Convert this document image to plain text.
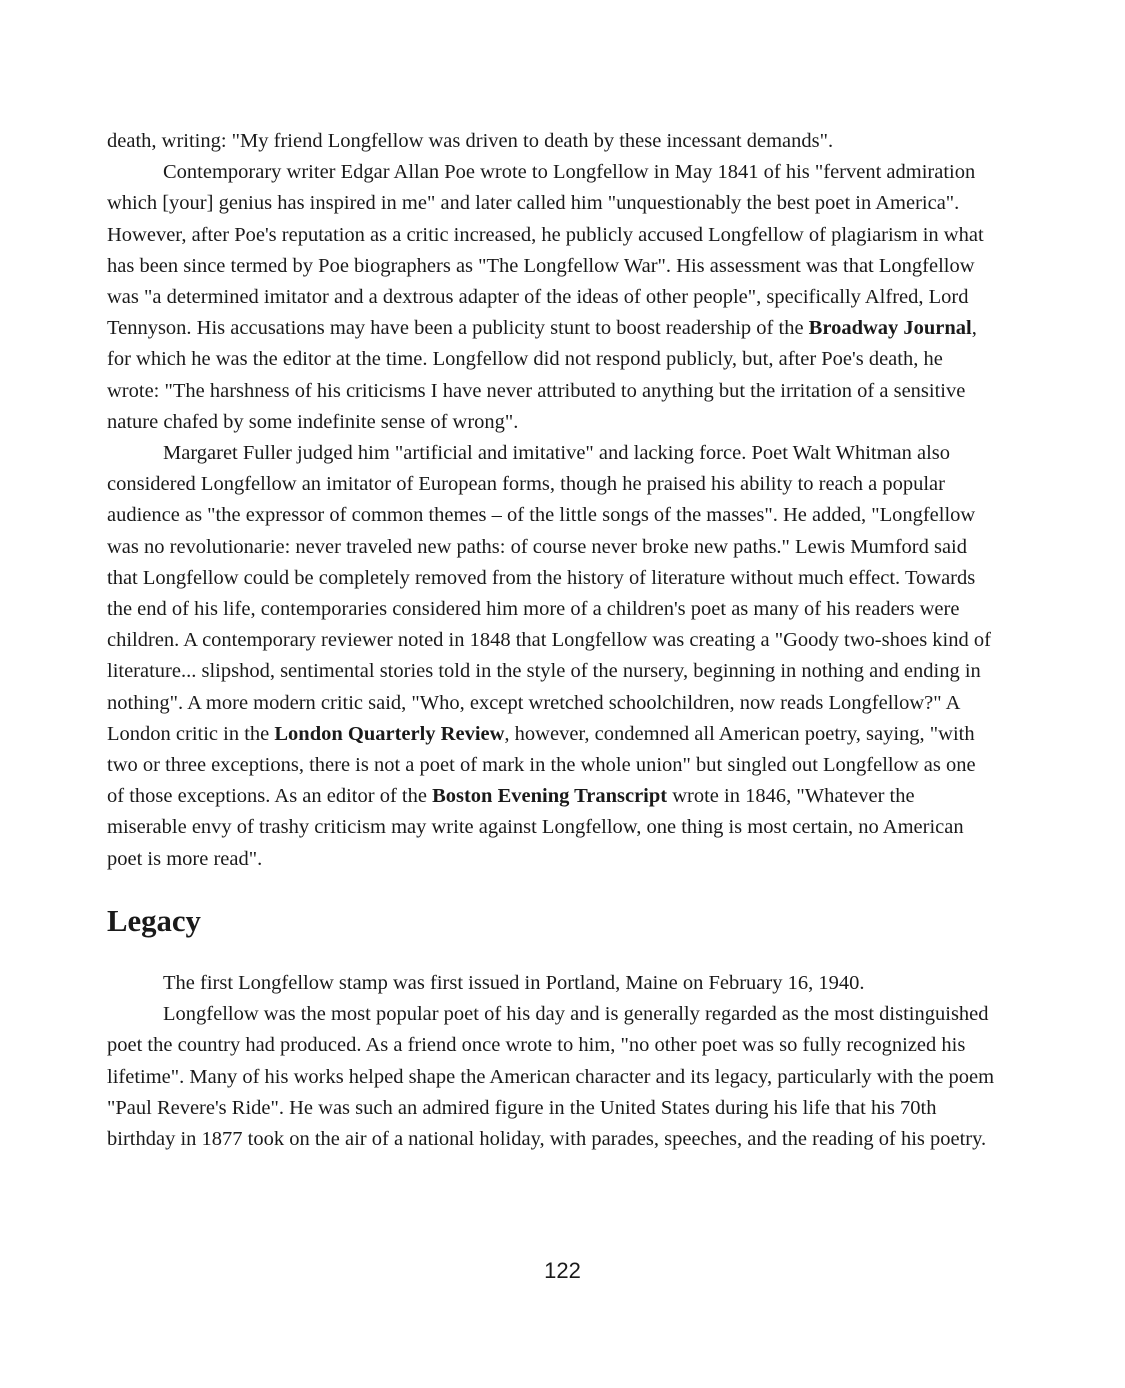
death, writing: "My friend Longfellow was driven to death by these incessant demands".

Contemporary writer Edgar Allan Poe wrote to Longfellow in May 1841 of his "fervent admiration which [your] genius has inspired in me" and later called him "unquestionably the best poet in America". However, after Poe's reputation as a critic increased, he publicly accused Longfellow of plagiarism in what has been since termed by Poe biographers as "The Longfellow War". His assessment was that Longfellow was "a determined imitator and a dextrous adapter of the ideas of other people", specifically Alfred, Lord Tennyson. His accusations may have been a publicity stunt to boost readership of the Broadway Journal, for which he was the editor at the time. Longfellow did not respond publicly, but, after Poe's death, he wrote: "The harshness of his criticisms I have never attributed to anything but the irritation of a sensitive nature chafed by some indefinite sense of wrong".

Margaret Fuller judged him "artificial and imitative" and lacking force. Poet Walt Whitman also considered Longfellow an imitator of European forms, though he praised his ability to reach a popular audience as "the expressor of common themes – of the little songs of the masses". He added, "Longfellow was no revolutionarie: never traveled new paths: of course never broke new paths." Lewis Mumford said that Longfellow could be completely removed from the history of literature without much effect. Towards the end of his life, contemporaries considered him more of a children's poet as many of his readers were children. A contemporary reviewer noted in 1848 that Longfellow was creating a "Goody two-shoes kind of literature... slipshod, sentimental stories told in the style of the nursery, beginning in nothing and ending in nothing". A more modern critic said, "Who, except wretched schoolchildren, now reads Longfellow?" A London critic in the London Quarterly Review, however, condemned all American poetry, saying, "with two or three exceptions, there is not a poet of mark in the whole union" but singled out Longfellow as one of those exceptions. As an editor of the Boston Evening Transcript wrote in 1846, "Whatever the miserable envy of trashy criticism may write against Longfellow, one thing is most certain, no American poet is more read".

Legacy

The first Longfellow stamp was first issued in Portland, Maine on February 16, 1940.

Longfellow was the most popular poet of his day and is generally regarded as the most distinguished poet the country had produced. As a friend once wrote to him, "no other poet was so fully recognized his lifetime". Many of his works helped shape the American character and its legacy, particularly with the poem "Paul Revere's Ride". He was such an admired figure in the United States during his life that his 70th birthday in 1877 took on the air of a national holiday, with parades, speeches, and the reading of his poetry.

122
